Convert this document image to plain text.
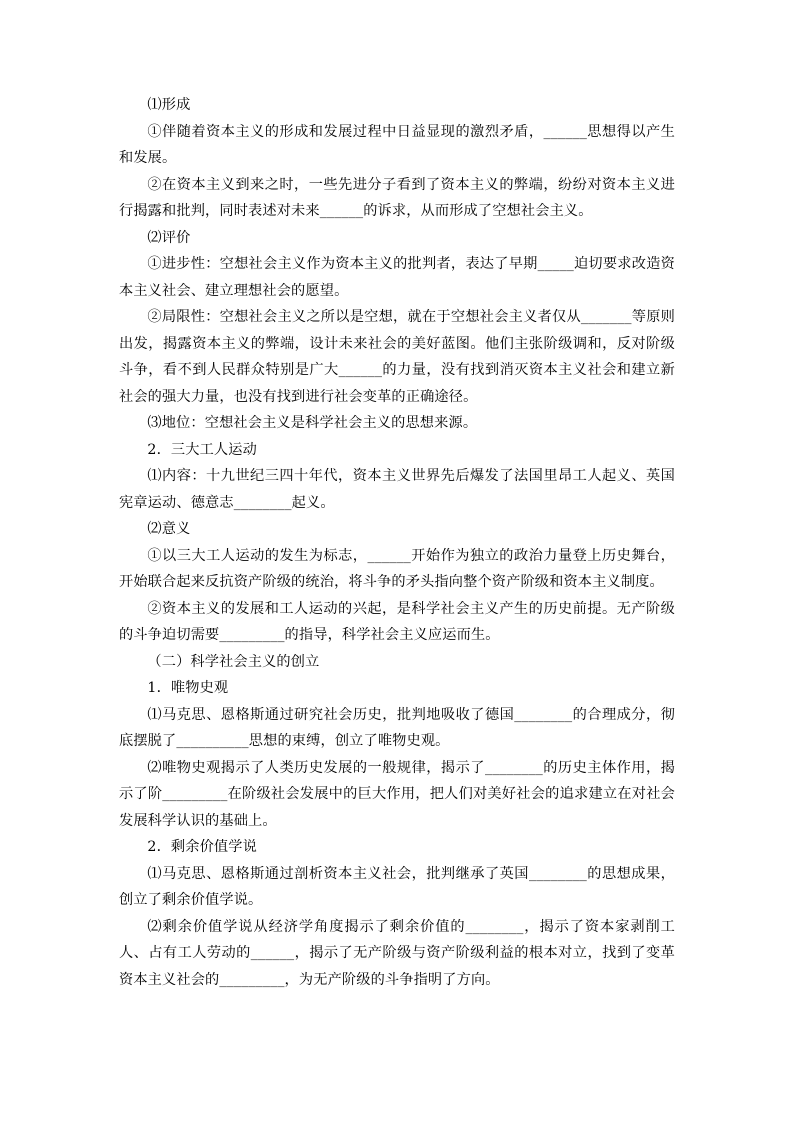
⑴形成

①伴随着资本主义的形成和发展过程中日益显现的激烈矛盾，______思想得以产生和发展。

②在资本主义到来之时，一些先进分子看到了资本主义的弊端，纷纷对资本主义进行揭露和批判，同时表述对未来______的诉求，从而形成了空想社会主义。

⑵评价

①进步性：空想社会主义作为资本主义的批判者，表达了早期_____迫切要求改造资本主义社会、建立理想社会的愿望。

②局限性：空想社会主义之所以是空想，就在于空想社会主义者仅从_______等原则出发，揭露资本主义的弊端，设计未来社会的美好蓝图。他们主张阶级调和，反对阶级斗争，看不到人民群众特别是广大______的力量，没有找到消灭资本主义社会和建立新社会的强大力量，也没有找到进行社会变革的正确途径。

⑶地位：空想社会主义是科学社会主义的思想来源。

2．三大工人运动

⑴内容：十九世纪三四十年代，资本主义世界先后爆发了法国里昂工人起义、英国宪章运动、德意志________起义。

⑵意义

①以三大工人运动的发生为标志，______开始作为独立的政治力量登上历史舞台，开始联合起来反抗资产阶级的统治，将斗争的矛头指向整个资产阶级和资本主义制度。

②资本主义的发展和工人运动的兴起，是科学社会主义产生的历史前提。无产阶级的斗争迫切需要_________的指导，科学社会主义应运而生。

（二）科学社会主义的创立

1．唯物史观

⑴马克思、恩格斯通过研究社会历史，批判地吸收了德国________的合理成分，彻底摆脱了__________思想的束缚，创立了唯物史观。

⑵唯物史观揭示了人类历史发展的一般规律，揭示了________的历史主体作用，揭示了阶_________在阶级社会发展中的巨大作用，把人们对美好社会的追求建立在对社会发展科学认识的基础上。

2．剩余价值学说

⑴马克思、恩格斯通过剖析资本主义社会，批判继承了英国________的思想成果，创立了剩余价值学说。

⑵剩余价值学说从经济学角度揭示了剩余价值的________，揭示了资本家剥削工人、占有工人劳动的______，揭示了无产阶级与资产阶级利益的根本对立，找到了变革资本主义社会的_________，为无产阶级的斗争指明了方向。
